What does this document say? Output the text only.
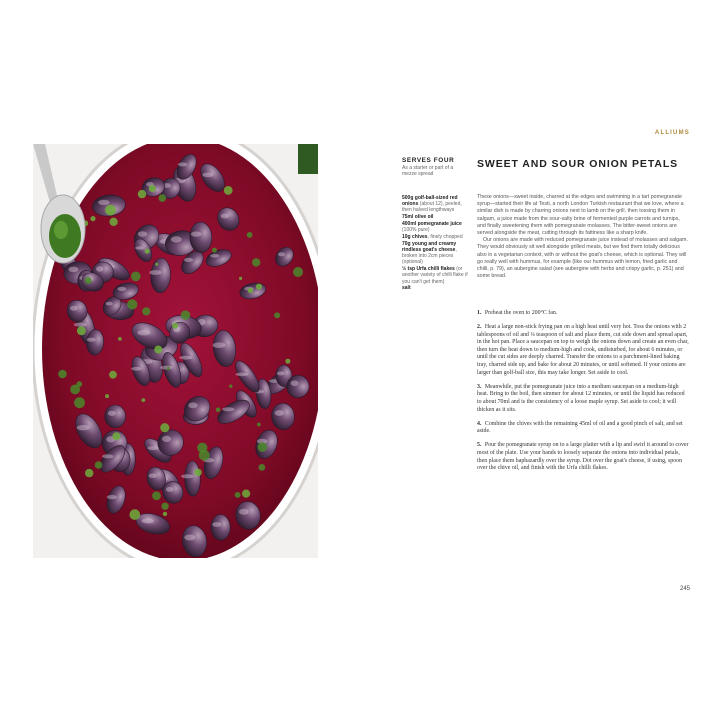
ALLIUMS
SERVES FOUR
As a starter or part of a mezze spread
500g golf-ball-sized red onions (about 12), peeled, then halved lengthways
75ml olive oil
400ml pomegranate juice (100% pure)
10g chives, finely chopped
70g young and creamy rindless goat's cheese, broken into 2cm pieces (optional)
½ tsp Urfa chilli flakes (or another variety of chilli flake if you can't get them)
salt
SWEET AND SOUR ONION PETALS

These onions—sweet inside, charred at the edges and swimming in a tart pomegranate syrup—started their life at Testi, a north London Turkish restaurant that we love, where a similar dish is made by charring onions next to lamb on the grill, then tossing them in salgam, a juice made from the sour-salty brine of fermented purple carrots and turnips, and finally sweetening them with pomegranate molasses. The bitter-sweet onions are served alongside the meat, cutting through its fattiness like a sharp knife.

Our onions are made with reduced pomegranate juice instead of molasses and salgam. They would obviously sit well alongside grilled meats, but we find them totally delicious also in a vegetarian context, with or without the goat's cheese, which is optional. They will go really well with hummus, for example (like our hummus with lemon, fried garlic and chilli, p. 79), an aubergine salad (see aubergine with herbs and crispy garlic, p. 251) and some bread.

1. Preheat the oven to 200°C fan.

2. Heat a large non-stick frying pan on a high heat until very hot. Toss the onions with 2 tablespoons of oil and ¼ teaspoon of salt and place them, cut side down and spread apart, in the hot pan. Place a saucepan on top to weigh the onions down and create an even char, then turn the heat down to medium-high and cook, undisturbed, for about 6 minutes, or until the cut sides are deeply charred. Transfer the onions to a parchment-lined baking tray, charred side up, and bake for about 20 minutes, or until softened. If your onions are larger than golf-ball size, this may take longer. Set aside to cool.

3. Meanwhile, put the pomegranate juice into a medium saucepan on a medium-high heat. Bring to the boil, then simmer for about 12 minutes, or until the liquid has reduced to about 70ml and is the consistency of a loose maple syrup. Set aside to cool; it will thicken as it sits.

4. Combine the chives with the remaining 45ml of oil and a good pinch of salt, and set aside.

5. Pour the pomegranate syrup on to a large platter with a lip and swirl it around to cover most of the plate. Use your hands to loosely separate the onions into individual petals, then place them haphazardly over the syrup. Dot over the goat's cheese, if using, spoon over the chive oil, and finish with the Urfa chilli flakes.

245
